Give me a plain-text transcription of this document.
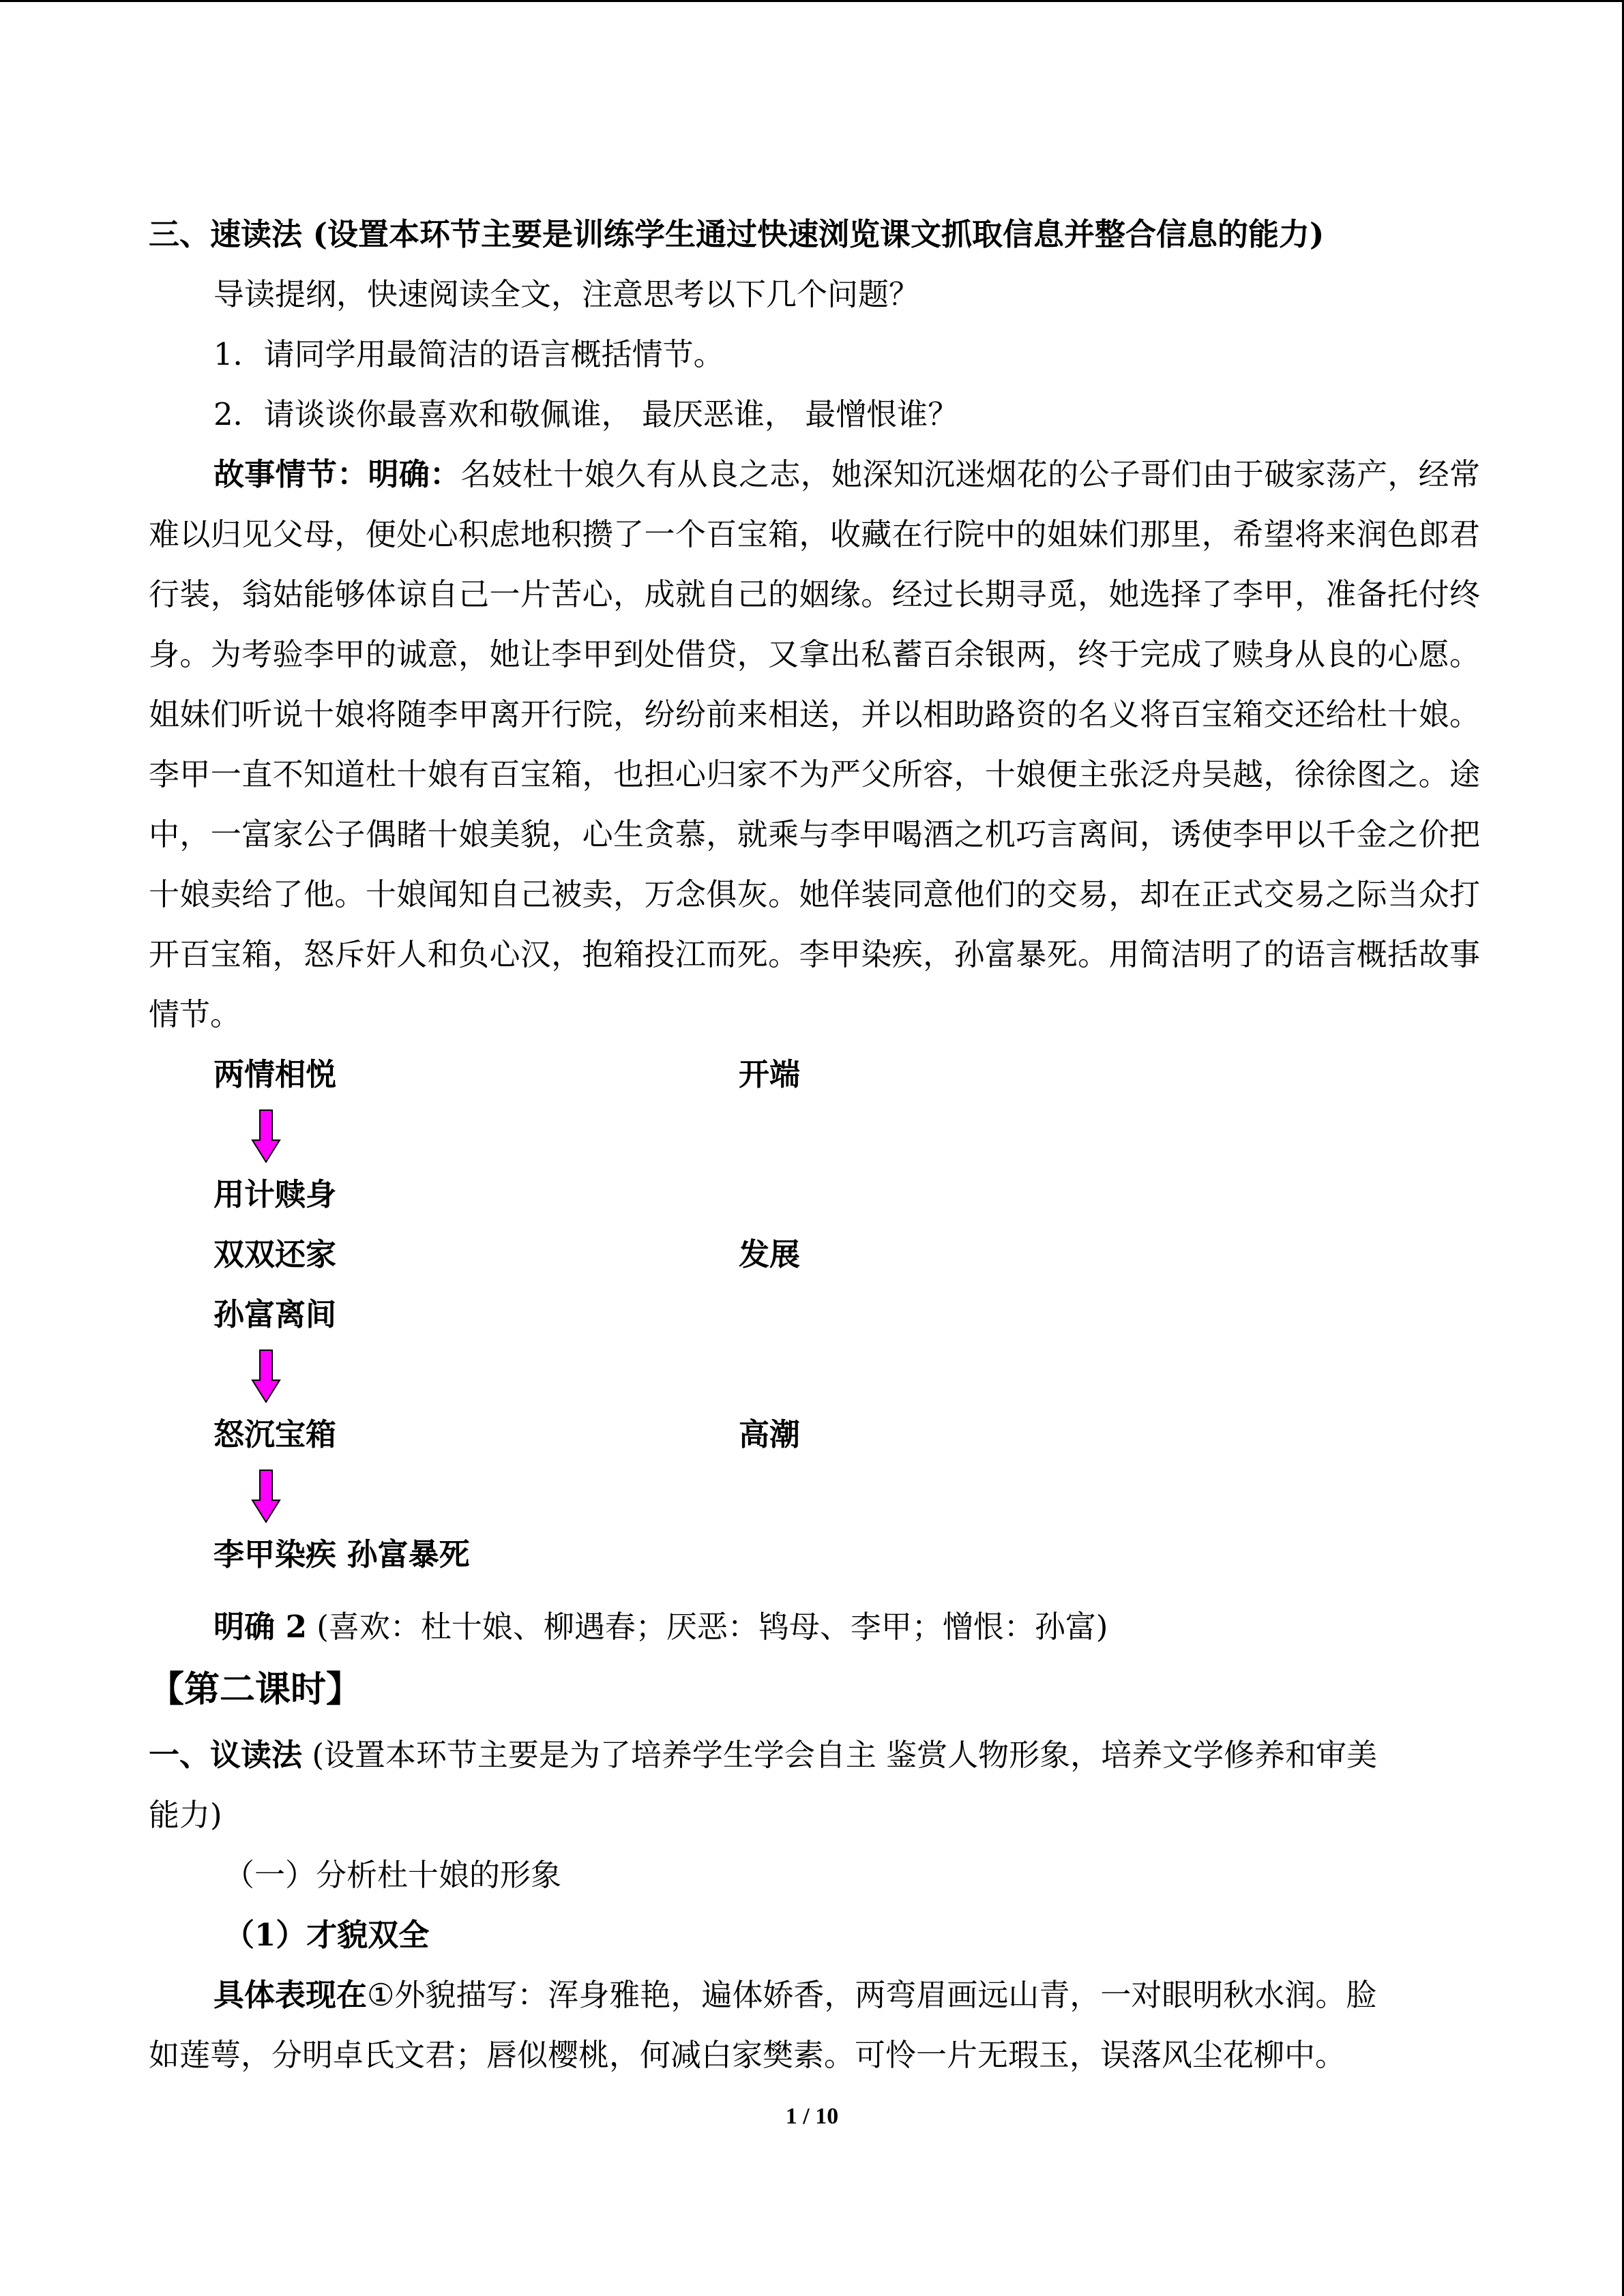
三、速读法 (设置本环节主要是训练学生通过快速浏览课文抓取信息并整合信息的能力)
导读提纲，快速阅读全文，注意思考以下几个问题？
1．请同学用最简洁的语言概括情节。
2．请谈谈你最喜欢和敬佩谁， 最厌恶谁， 最憎恨谁？
故事情节：明确：名妓杜十娘久有从良之志，她深知沉迷烟花的公子哥们由于破家荡产，经常难以归见父母，便处心积虑地积攒了一个百宝箱，收藏在行院中的姐妹们那里，希望将来润色郎君行装，翁姑能够体谅自己一片苦心，成就自己的姻缘。经过长期寻觅，她选择了李甲，准备托付终身。为考验李甲的诚意，她让李甲到处借贷，又拿出私蓄百余银两，终于完成了赎身从良的心愿。姐妹们听说十娘将随李甲离开行院，纷纷前来相送，并以相助路资的名义将百宝箱交还给杜十娘。李甲一直不知道杜十娘有百宝箱，也担心归家不为严父所容，十娘便主张泛舟吴越，徐徐图之。途中，一富家公子偶睹十娘美貌，心生贪慕，就乘与李甲喝酒之机巧言离间，诱使李甲以千金之价把十娘卖给了他。十娘闻知自己被卖，万念俱灰。她佯装同意他们的交易，却在正式交易之际当众打开百宝箱，怒斥奸人和负心汉，抱箱投江而死。李甲染疾，孙富暴死。用简洁明了的语言概括故事情节。
两情相悦	开端
用计赎身
双双还家	发展
孙富离间
怒沉宝箱	高潮
李甲染疾 孙富暴死
明确 2 (喜欢：杜十娘、柳遇春；厌恶：鸨母、李甲；憎恨：孙富)
【第二课时】
一、议读法 (设置本环节主要是为了培养学生学会自主 鉴赏人物形象，培养文学修养和审美
能力)
（一）分析杜十娘的形象
（1）才貌双全
具体表现在①外貌描写：浑身雅艳，遍体娇香，两弯眉画远山青，一对眼明秋水润。脸
如莲萼，分明卓氏文君；唇似樱桃，何减白家樊素。可怜一片无瑕玉，误落风尘花柳中。
1 / 10
